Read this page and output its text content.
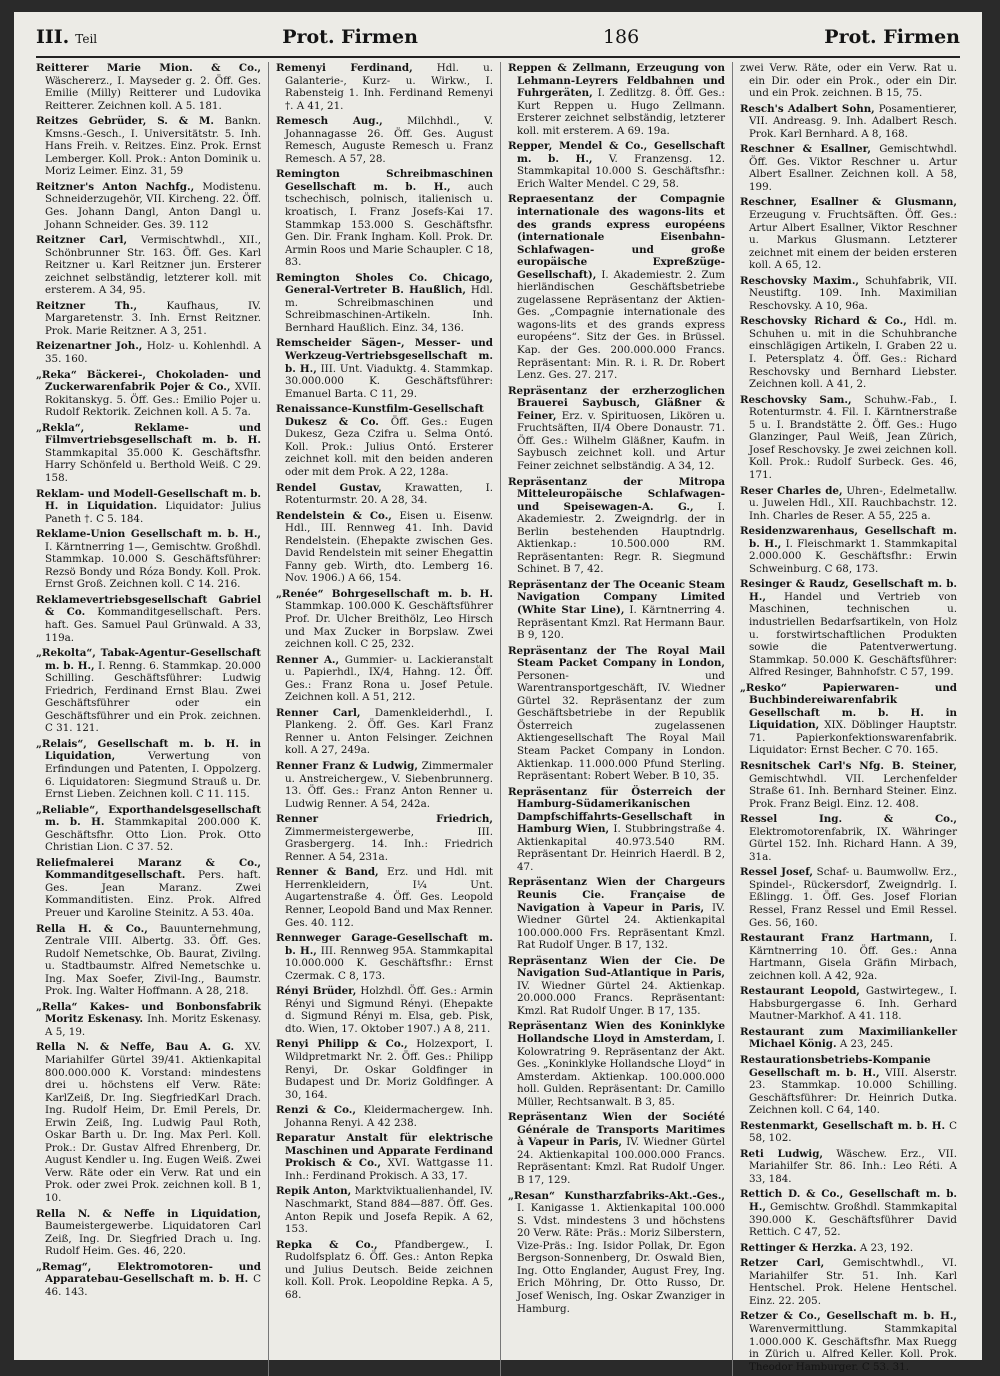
III. Teil	Prot. Firmen	186	Prot. Firmen

Reitterer Marie Mion. & Co., Wäschererz., I. Mayseder g. 2. Öff. Ges. Emilie (Milly) Reitterer und Ludovika Reitterer. Zeichnen koll. A 5. 181.

Reitzes Gebrüder, S. & M. Bankn. Kmsns.-Gesch., I. Universitätstr. 5. Inh. Hans Freih. v. Reitzes. Einz. Prok. Ernst Lemberger. Koll. Prok.: Anton Dominik u. Moriz Leimer. Einz. 31, 59

Reitzner's Anton Nachfg., Modistenu. Schneiderzugehör, VII. Kircheng. 22. Öff. Ges. Johann Dangl, Anton Dangl u. Johann Schneider. Ges. 39. 112

Reitzner Carl, Vermischtwhdl., XII., Schönbrunner Str. 163. Öff. Ges. Karl Reitzner u. Karl Reitzner jun. Ersterer zeichnet selbständig, letzterer koll. mit ersterem. A 34, 95.

Reitzner Th.,	Kaufhaus, IV. Margaretenstr. 3. Inh. Ernst Reitzner. Prok. Marie Reitzner. A 3, 251.

Reizenartner Joh., Holz- u. Kohlenhdl. A 35. 160.

„Reka“ Bäckerei-, Chokoladen- und Zuckerwarenfabrik Pojer & Co., XVII. Rokitanskyg. 5. Öff. Ges.: Emilio Pojer u. Rudolf Rektorik. Zeichnen koll. A 5. 7a.

„Rekla“, Reklame- und Filmvertriebsgesellschaft m. b. H. Stammkapital 35.000 K. Geschäftsfhr. Harry Schönfeld u. Berthold Weiß. C 29. 158.

Reklam- und Modell-Gesellschaft m. b. H. in Liquidation. Liquidator: Julius Paneth †. C 5. 184.

Reklame-Union Gesellschaft m. b. H., I. Kärntnerring 1—, Gemischtw. Großhdl. Stammkap. 10.000 S. Geschäftsführer: Rezsö Bondy und Róza Bondy. Koll. Prok. Ernst Groß. Zeichnen koll. C 14. 216.

Reklamevertriebsgesellschaft Gabriel & Co. Kommanditgesellschaft. Pers. haft. Ges. Samuel Paul Grünwald. A 33, 119a.

„Rekolta“, Tabak-Agentur-Gesellschaft m. b. H., I. Renng. 6. Stammkap. 20.000 Schilling. Geschäftsführer: Ludwig Friedrich, Ferdinand Ernst Blau. Zwei Geschäftsführer oder ein Geschäftsführer und ein Prok. zeichnen. C 31. 121.

„Relais“, Gesellschaft m. b. H. in Liquidation,	Verwertung von Erfindungen und Patenten, I. Oppolzerg. 6. Liquidatoren: Siegmund Strauß u. Dr. Ernst Lieben. Zeichnen koll. C 11. 115.

„Reliable“, Exporthandelsgesellschaft m. b. H. Stammkapital 200.000 K. Geschäftsfhr. Otto Lion. Prok. Otto Christian Lion. C 37. 52.

Reliefmalerei Maranz & Co., Kommanditgesellschaft. Pers. haft. Ges. Jean Maranz. Zwei Kommanditisten. Einz. Prok. Alfred Preuer und Karoline Steinitz. A 53. 40a.

Rella H. & Co., Bauunternehmung, Zentrale VIII. Albertg. 33. Öff. Ges. Rudolf Nemetschke, Ob. Baurat, Zivilng. u. Stadtbaumstr. Alfred Nemetschke u. Ing. Max Soefer, Zivil-Ing., Baumstr. Prok. Ing. Walter Hoffmann. A 28, 218.

„Rella“ Kakes- und Bonbonsfabrik Moritz Eskenasy. Inh. Moritz Eskenasy. A 5, 19.

Rella N. & Neffe, Bau A. G. XV. Mariahilfer Gürtel 39/41. Aktienkapital 800.000.000 K. Vorstand: mindestens drei u. höchstens elf Verw. Räte: KarlZeiß, Dr. Ing. SiegfriedKarl Drach. Ing. Rudolf Heim, Dr. Emil Perels, Dr. Erwin Zeiß, Ing. Ludwig Paul Roth, Oskar Barth u. Dr. Ing. Max Perl. Koll. Prok.: Dr. Gustav Alfred Ehrenberg, Dr. August Kendler u. Ing. Eugen Weiß. Zwei Verw. Räte oder ein Verw. Rat und ein Prok. oder zwei Prok. zeichnen koll. B 1, 10.

Rella N. & Neffe in Liquidation, Baumeistergewerbe. Liquidatoren Carl Zeiß, Ing. Dr. Siegfried Drach u. Ing. Rudolf Heim. Ges. 46, 220.

„Remag“, Elektromotoren- und Apparatebau-Gesellschaft m. b. H. C 46. 143.

Remenyi Ferdinand, Hdl. u. Galanterie-, Kurz- u. Wirkw., I. Rabensteig 1. Inh. Ferdinand Remenyi †. A 41, 21.

Remesch Aug., Milchhdl., V. Johannagasse 26. Öff. Ges. August Remesch, Auguste Remesch u. Franz Remesch. A 57, 28.

Remington Schreibmaschinen Gesellschaft m. b. H., auch tschechisch, polnisch, italienisch u. kroatisch, I. Franz Josefs-Kai 17. Stammkap 153.000 S. Geschäftsfhr. Gen. Dir. Frank Ingham. Koll. Prok. Dr. Armin Roos und Marie Schaupler. C 18, 83.

Remington Sholes Co. Chicago, General-Vertreter B. Haußlich, Hdl. m. Schreibmaschinen und Schreibmaschinen-Artikeln. Inh. Bernhard Haußlich. Einz. 34, 136.

Remscheider Sägen-, Messer- und Werkzeug-Vertriebsgesellschaft m. b. H., III. Unt. Viaduktg. 4. Stammkap. 30.000.000 K. Geschäftsführer: Emanuel Barta. C 11, 29.

Renaissance-Kunstfilm-Gesellschaft Dukesz & Co. Öff. Ges.: Eugen Dukesz, Geza Czifra u. Selma Ontó. Koll. Prok.: Julius Ontó. Ersterer zeichnet koll. mit den beiden anderen oder mit dem Prok. A 22, 128a.

Rendel Gustav, Krawatten, I. Rotenturmstr. 20. A 28, 34.

Rendelstein & Co., Eisen u. Eisenw. Hdl., III. Rennweg 41. Inh. David Rendelstein. (Ehepakte zwischen Ges. David Rendelstein mit seiner Ehegattin Fanny geb. Wirth, dto. Lemberg 16. Nov. 1906.) A 66, 154.

„Renée“ Bohrgesellschaft m. b. H. Stammkap. 100.000 K. Geschäftsführer Prof. Dr. Ulcher Breithölz, Leo Hirsch und Max Zucker in Borpslaw. Zwei zeichnen koll. C 25, 232.

Renner A., Gummier- u. Lackieranstalt u. Papierhdl., IX/4, Hahng. 12. Öff. Ges.: Franz Rona u. Josef Petule. Zeichnen koll. A 51, 212.

Renner Carl, Damenkleiderhdl., I. Plankeng. 2. Öff. Ges. Karl Franz Renner u. Anton Felsinger. Zeichnen koll. A 27, 249a.

Renner Franz & Ludwig, Zimmermaler u. Anstreichergew., V. Siebenbrunnerg. 13. Öff. Ges.: Franz Anton Renner u. Ludwig Renner. A 54, 242a.

Renner Friedrich, Zimmermeistergewerbe, III. Grasbergerg. 14. Inh.: Friedrich Renner. A 54, 231a.

Renner & Band, Erz. und Hdl. mit Herrenkleidern, I¼ Unt. Augartenstraße 4. Öff. Ges. Leopold Renner, Leopold Band und Max Renner. Ges. 40. 112.

Rennweger Garage-Gesellschaft m. b. H., III. Rennweg 95A. Stammkapital 10.000.000 K. Geschäftsfhr.: Ernst Czermak. C 8, 173.

Rényi Brüder, Holzhdl. Öff. Ges.: Armin Rényi und Sigmund Rényi. (Ehepakte d. Sigmund Rényi m. Elsa, geb. Pisk, dto. Wien, 17. Oktober 1907.) A 8, 211.

Renyi Philipp & Co., Holzexport, I. Wildpretmarkt Nr. 2. Öff. Ges.: Philipp Renyi, Dr. Oskar Goldfinger in Budapest und Dr. Moriz Goldfinger. A 30, 164.

Renzi & Co., Kleidermachergew. Inh. Johanna Renyi. A 42 238.

Reparatur Anstalt für elektrische Maschinen und Apparate Ferdinand Prokisch & Co., XVI. Wattgasse 11. Inh.: Ferdinand Prokisch. A 33, 17.

Repik Anton, Marktviktualienhandel, IV. Naschmarkt, Stand 884—887. Öff. Ges. Anton Repik und Josefa Repik. A 62, 153.

Repka & Co., Pfandbergew., I. Rudolfsplatz 6. Öff. Ges.: Anton Repka und Julius Deutsch. Beide zeichnen koll. Koll. Prok. Leopoldine Repka. A 5, 68.

Reppen & Zellmann, Erzeugung von Lehmann-Leyrers Feldbahnen und Fuhrgeräten, I. Zedlitzg. 8. Öff. Ges.: Kurt Reppen u. Hugo Zellmann. Ersterer zeichnet selbständig, letzterer koll. mit ersterem. A 69. 19a.

Repper, Mendel & Co., Gesellschaft m. b. H., V. Franzensg. 12. Stammkapital 10.000 S. Geschäftsfhr.: Erich Walter Mendel. C 29, 58.

Repraesentanz der Compagnie internationale des wagons-lits et des grands express européens (internationale Eisenbahn-Schlafwagen- und große europäische Expreßzüge-Gesellschaft), I. Akademiestr. 2. Zum hierländischen Geschäftsbetriebe zugelassene Repräsentanz der Aktien-Ges. „Compagnie internationale des wagons-lits et des grands express européens“. Sitz der Ges. in Brüssel. Kap. der Ges. 200.000.000 Francs. Repräsentant: Min. R. i. R. Dr. Robert Lenz. Ges. 27. 217.

Repräsentanz der erzherzoglichen Brauerei Saybusch, Gläßner & Feiner, Erz. v. Spirituosen, Likören u. Fruchtsäften, II/4 Obere Donaustr. 71. Öff. Ges.: Wilhelm Gläßner, Kaufm. in Saybusch zeichnet koll. und Artur Feiner zeichnet selbständig. A 34, 12.

Repräsentanz der Mitropa Mitteleuropäische Schlafwagen- und Speisewagen-A. G., I. Akademiestr. 2. Zweigndrlg. der in Berlin bestehenden Hauptndrlg. Aktienkap.: 10.500.000 RM. Repräsentanten: Regr. R. Siegmund Schinet. B 7, 42.

Repräsentanz der The Oceanic Steam Navigation Company Limited (White Star Line), I. Kärntnerring 4. Repräsentant Kmzl. Rat Hermann Baur. B 9, 120.

Repräsentanz der The Royal Mail Steam Packet Company in London, Personen- und Warentransportgeschäft, IV. Wiedner Gürtel 32. Repräsentanz der zum Geschäftsbetriebe in der Republik Österreich zugelassenen Aktiengesellschaft The Royal Mail Steam Packet Company in London. Aktienkap. 11.000.000 Pfund Sterling. Repräsentant: Robert Weber. B 10, 35.

Repräsentanz für Österreich der Hamburg-Südamerikanischen Dampfschiffahrts-Gesellschaft in Hamburg Wien, I. Stubbringstraße 4. Aktienkapital 40.973.540 RM. Repräsentant Dr. Heinrich Haerdl. B 2, 47.

Repräsentanz Wien der Chargeurs Reunis Cie. Française de Navigation à Vapeur in Paris, IV. Wiedner Gürtel 24. Aktienkapital 100.000.000 Frs. Repräsentant Kmzl. Rat Rudolf Unger. B 17, 132.

Repräsentanz Wien der Cie. De Navigation Sud-Atlantique in Paris, IV. Wiedner Gürtel 24. Aktienkap. 20.000.000 Francs. Repräsentant: Kmzl. Rat Rudolf Unger. B 17, 135.

Repräsentanz Wien des Koninklyke Hollandsche Lloyd in Amsterdam, I. Kolowratring 9. Repräsentanz der Akt. Ges. „Koninklyke Hollandsche Lloyd“ in Amsterdam. Aktienkap. 100.000.000 holl. Gulden. Repräsentant: Dr. Camillo Müller, Rechtsanwalt. B 3, 85.

Repräsentanz Wien der Société Générale de Transports Maritimes à Vapeur in Paris, IV. Wiedner Gürtel 24. Aktienkapital 100.000.000 Francs. Repräsentant: Kmzl. Rat Rudolf Unger. B 17, 129.

„Resan“ Kunstharzfabriks-Akt.-Ges., I. Kanigasse 1. Aktienkapital 100.000 S. Vdst. mindestens 3 und höchstens 20 Verw. Räte: Präs.: Moriz Silberstern, Vize-Präs.: Ing. Isidor Pollak, Dr. Egon Bergson-Sonnenberg, Dr. Oswald Bien, Ing. Otto Englander, August Frey, Ing. Erich Möhring, Dr. Otto Russo, Dr. Josef Wenisch, Ing. Oskar Zwanziger in Hamburg.

zwei Verw. Räte, oder ein Verw. Rat u. ein Dir. oder ein Prok., oder ein Dir. und ein Prok. zeichnen. B 15, 75.

Resch's Adalbert Sohn, Posamentierer, VII. Andreasg. 9. Inh. Adalbert Resch. Prok. Karl Bernhard. A 8, 168.

Reschner & Esallner, Gemischtwhdl. Öff. Ges. Viktor Reschner u. Artur Albert Esallner. Zeichnen koll. A 58, 199.

Reschner, Esallner & Glusmann, Erzeugung v. Fruchtsäften. Öff. Ges.: Artur Albert Esallner, Viktor Reschner u. Markus Glusmann. Letzterer zeichnet mit einem der beiden ersteren koll. A 65, 12.

Reschovsky Maxim., Schuhfabrik, VII. Neustiftg. 109. Inh. Maximilian Reschovsky. A 10, 96a.

Reschovsky Richard & Co., Hdl. m. Schuhen u. mit in die Schuhbranche einschlägigen Artikeln, I. Graben 22 u. I. Petersplatz 4. Öff. Ges.: Richard Reschovsky und Bernhard Liebster. Zeichnen koll. A 41, 2.

Reschovsky Sam., Schuhw.-Fab., I. Rotenturmstr. 4. Fil. I. Kärntnerstraße 5 u. I. Brandstätte 2. Öff. Ges.: Hugo Glanzinger, Paul Weiß, Jean Zürich, Josef Reschovsky. Je zwei zeichnen koll. Koll. Prok.: Rudolf Surbeck. Ges. 46, 171.

Reser Charles de, Uhren-, Edelmetallw. u. Juwelen Hdl., XII. Rauchbachstr. 12. Inh. Charles de Reser. A 55, 225 a.

Residenzwarenhaus, Gesellschaft m. b. H., I. Fleischmarkt 1. Stammkapital 2.000.000 K. Geschäftsfhr.: Erwin Schweinburg. C 68, 173.

Resinger & Raudz, Gesellschaft m. b. H., Handel und Vertrieb von Maschinen, technischen u. industriellen Bedarfsartikeln, von Holz u. forstwirtschaftlichen Produkten sowie die Patentverwertung. Stammkap. 50.000 K. Geschäftsführer: Alfred Resinger, Bahnhofstr. C 57, 199.

„Resko“ Papierwaren- und Buchbindereiwarenfabrik Gesellschaft m. b. H. in Liquidation, XIX. Döblinger Hauptstr. 71. Papierkonfektionswarenfabrik. Liquidator: Ernst Becher. C 70. 165.

Resnitschek Carl's Nfg. B. Steiner, Gemischtwhdl. VII. Lerchenfelder Straße 61. Inh. Bernhard Steiner. Einz. Prok. Franz Beigl. Einz. 12. 408.

Ressel Ing. & Co., Elektromotorenfabrik, IX. Währinger Gürtel 152. Inh. Richard Hann. A 39, 31a.

Ressel Josef, Schaf- u. Baumwollw. Erz., Spindel-, Rückersdorf, Zweigndrlg. I. Eßlingg. 1. Öff. Ges. Josef Florian Ressel, Franz Ressel und Emil Ressel. Ges. 56, 160.

Restaurant Franz Hartmann, I. Kärntnerring 10. Öff. Ges.: Anna Hartmann, Gisela Gräfin Mirbach, zeichnen koll. A 42, 92a.

Restaurant Leopold, Gastwirtegew., I. Habsburgergasse 6. Inh. Gerhard Mautner-Markhof. A 41. 118.

Restaurant zum Maximiliankeller Michael König. A 23, 245.

Restaurationsbetriebs-Kompanie Gesellschaft m. b. H., VIII. Alserstr. 23. Stammkap. 10.000 Schilling. Geschäftsführer: Dr. Heinrich Dutka. Zeichnen koll. C 64, 140.

Restenmarkt, Gesellschaft m. b. H. C 58, 102.

Reti Ludwig, Wäschew. Erz., VII. Mariahilfer Str. 86. Inh.: Leo Réti. A 33, 184.

Rettich D. & Co., Gesellschaft m. b. H., Gemischtw. Großhdl. Stammkapital 390.000 K. Geschäftsführer David Rettich. C 47, 52.

Rettinger & Herzka. A 23, 192.

Retzer Carl, Gemischtwhdl., VI. Mariahilfer Str. 51. Inh. Karl Hentschel. Prok. Helene Hentschel. Einz. 22. 205.

Retzer & Co., Gesellschaft m. b. H., Warenvermittlung. Stammkapital 1.000.000 K. Geschäftsfhr. Max Ruegg in Zürich u. Alfred Keller. Koll. Prok. Theodor Hamburger. C 53. 31.
